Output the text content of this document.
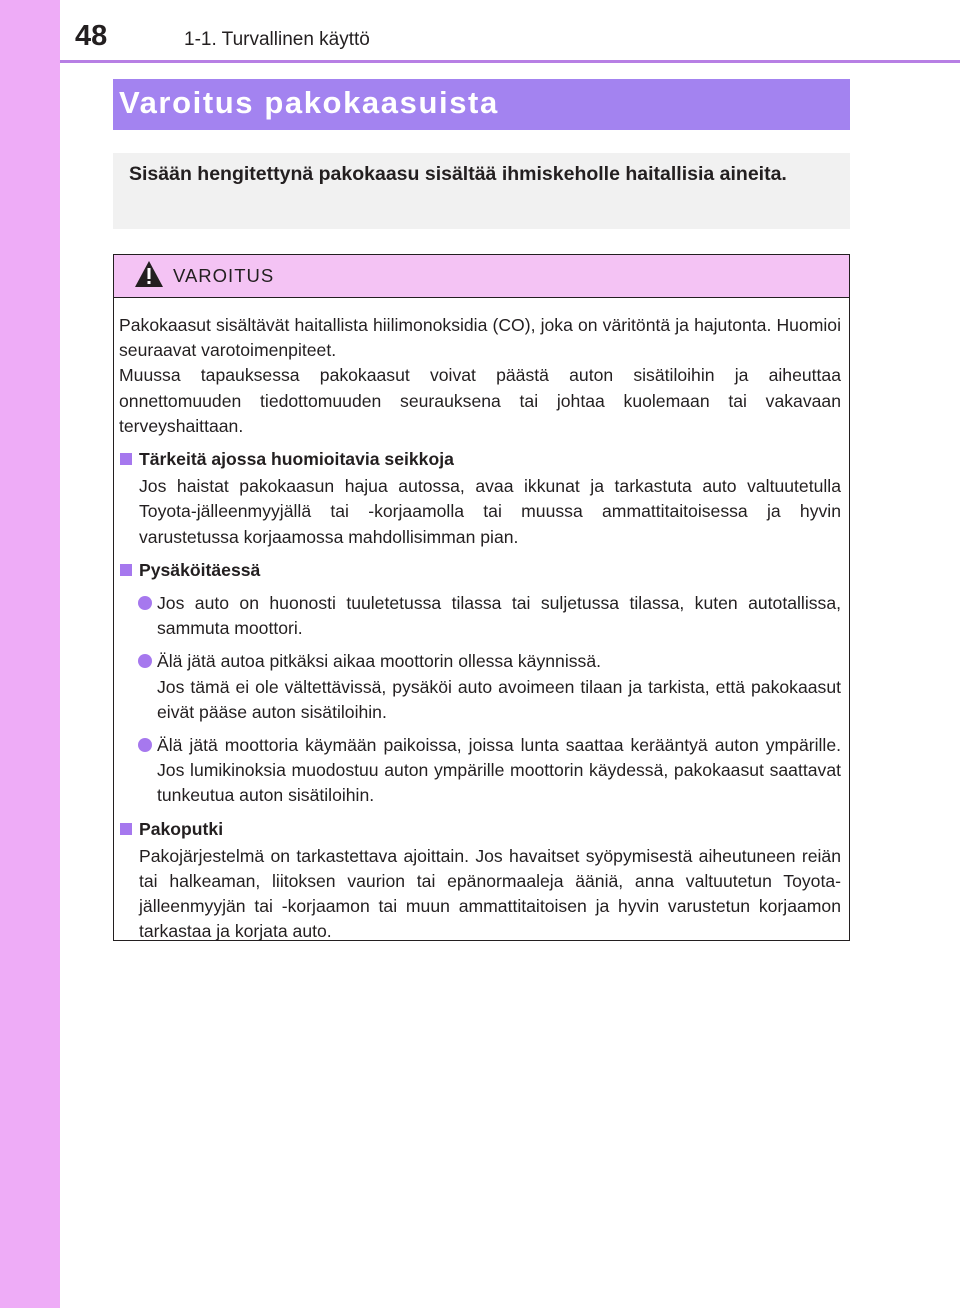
48	1-1. Turvallinen käyttö
Varoitus pakokaasuista
Sisään hengitettynä pakokaasu sisältää ihmiskeholle haitallisia aineita.
VAROITUS

Pakokaasut sisältävät haitallista hiilimonoksidia (CO), joka on väritöntä ja hajutonta. Huomioi seuraavat varotoimenpiteet.

Muussa tapauksessa pakokaasut voivat päästä auton sisätiloihin ja aiheuttaa onnettomuuden tiedottomuuden seurauksena tai johtaa kuolemaan tai vakavaan terveyshaittaan.

Tärkeitä ajossa huomioitavia seikkoja

Jos haistat pakokaasun hajua autossa, avaa ikkunat ja tarkastuta auto valtuutetulla Toyota-jälleenmyyjällä tai -korjaamolla tai muussa ammattitaitoisessa ja hyvin varustetussa korjaamossa mahdollisimman pian.

Pysäköitäessä

Jos auto on huonosti tuuletetussa tilassa tai suljetussa tilassa, kuten autotallissa, sammuta moottori.

Älä jätä autoa pitkäksi aikaa moottorin ollessa käynnissä.
Jos tämä ei ole vältettävissä, pysäköi auto avoimeen tilaan ja tarkista, että pakokaasut eivät pääse auton sisätiloihin.

Älä jätä moottoria käymään paikoissa, joissa lunta saattaa kerääntyä auton ympärille. Jos lumikinoksia muodostuu auton ympärille moottorin käydessä, pakokaasut saattavat tunkeutua auton sisätiloihin.

Pakoputki

Pakojärjestelmä on tarkastettava ajoittain. Jos havaitset syöpymisestä aiheutuneen reiän tai halkeaman, liitoksen vaurion tai epänormaaleja ääniä, anna valtuutetun Toyota-jälleenmyyjän tai -korjaamon tai muun ammattitaitoisen ja hyvin varustetun korjaamon tarkastaa ja korjata auto.
